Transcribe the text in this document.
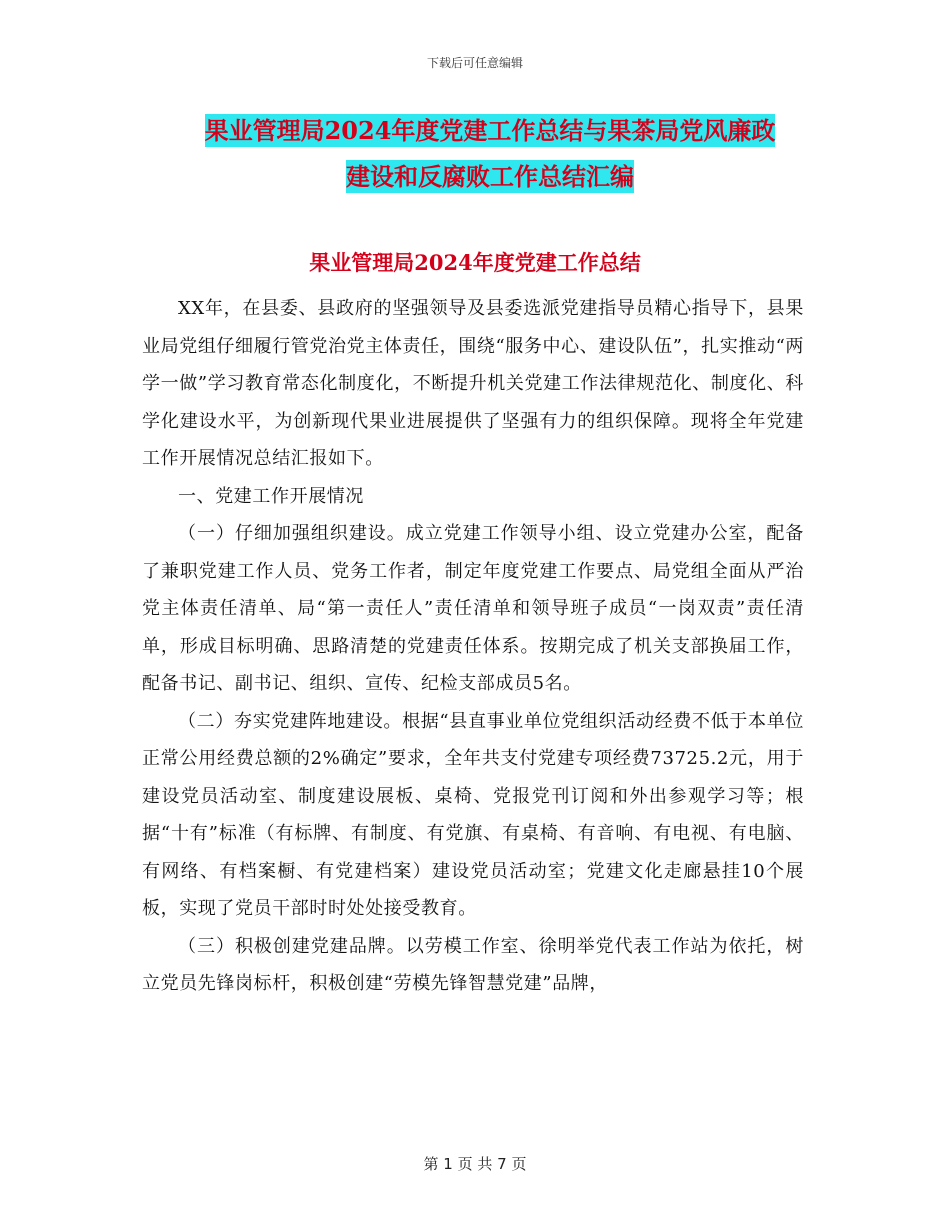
下载后可任意编辑
果业管理局2024年度党建工作总结与果茶局党风廉政
建设和反腐败工作总结汇编
果业管理局2024年度党建工作总结

XX年，在县委、县政府的坚强领导及县委选派党建指导员精心指导下，县果业局党组仔细履行管党治党主体责任，围绕“服务中心、建设队伍”，扎实推动“两学一做”学习教育常态化制度化，不断提升机关党建工作法律规范化、制度化、科学化建设水平，为创新现代果业进展提供了坚强有力的组织保障。现将全年党建工作开展情况总结汇报如下。

一、党建工作开展情况

（一）仔细加强组织建设。成立党建工作领导小组、设立党建办公室，配备了兼职党建工作人员、党务工作者，制定年度党建工作要点、局党组全面从严治党主体责任清单、局“第一责任人”责任清单和领导班子成员“一岗双责”责任清单，形成目标明确、思路清楚的党建责任体系。按期完成了机关支部换届工作，配备书记、副书记、组织、宣传、纪检支部成员5名。

（二）夯实党建阵地建设。根据“县直事业单位党组织活动经费不低于本单位正常公用经费总额的2%确定”要求，全年共支付党建专项经费73725.2元，用于建设党员活动室、制度建设展板、桌椅、党报党刊订阅和外出参观学习等；根据“十有”标准（有标牌、有制度、有党旗、有桌椅、有音响、有电视、有电脑、有网络、有档案橱、有党建档案）建设党员活动室；党建文化走廊悬挂10个展板，实现了党员干部时时处处接受教育。

（三）积极创建党建品牌。以劳模工作室、徐明举党代表工作站为依托，树立党员先锋岗标杆，积极创建“劳模先锋智慧党建”品牌，

第 1 页 共 7 页
